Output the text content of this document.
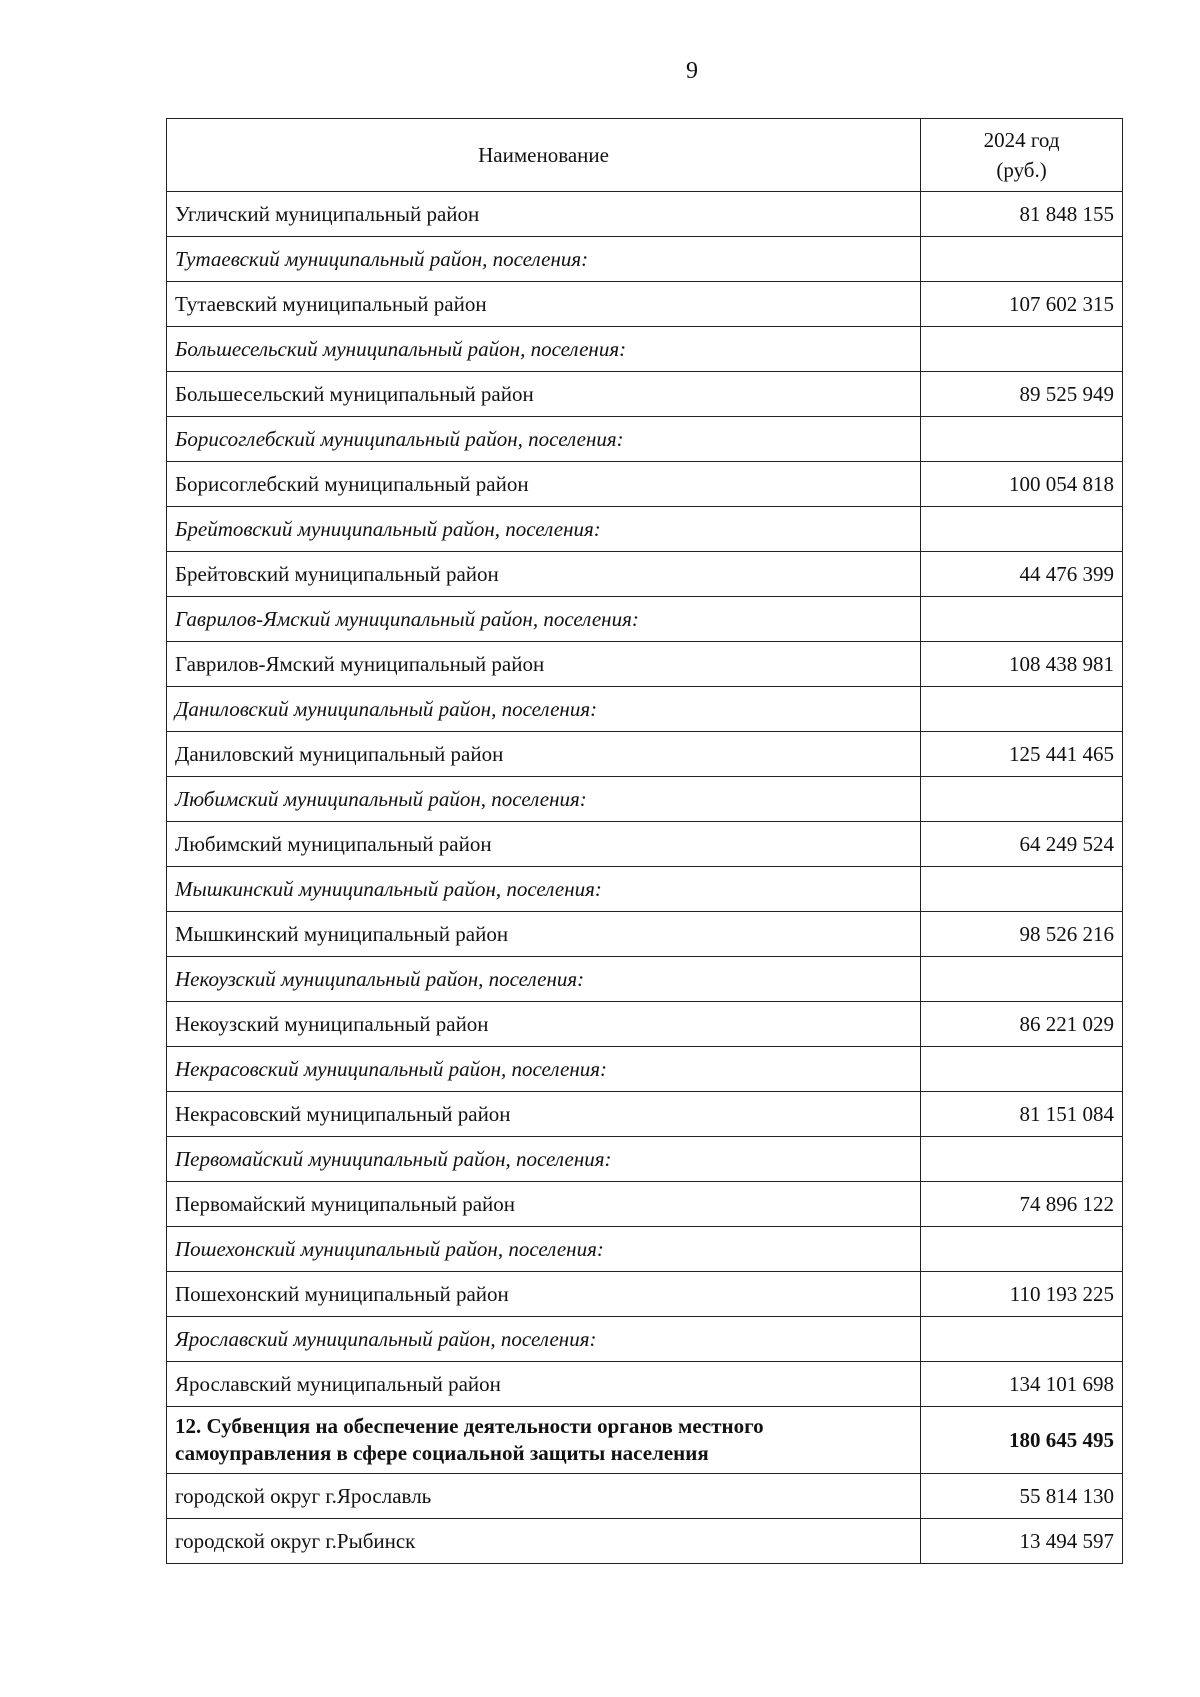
9
Наименование	2024 год
(руб.)
Угличский муниципальный район	81 848 155
Тутаевский муниципальный район, поселения:	
Тутаевский муниципальный район	107 602 315
Большесельский муниципальный район, поселения:	
Большесельский муниципальный район	89 525 949
Борисоглебский муниципальный район, поселения:	
Борисоглебский муниципальный район	100 054 818
Брейтовский муниципальный район, поселения:	
Брейтовский муниципальный район	44 476 399
Гаврилов-Ямский муниципальный район, поселения:	
Гаврилов-Ямский муниципальный район	108 438 981
Даниловский муниципальный район, поселения:	
Даниловский муниципальный район	125 441 465
Любимский муниципальный район, поселения:	
Любимский муниципальный район	64 249 524
Мышкинский муниципальный район, поселения:	
Мышкинский муниципальный район	98 526 216
Некоузский муниципальный район, поселения:	
Некоузский муниципальный район	86 221 029
Некрасовский муниципальный район, поселения:	
Некрасовский муниципальный район	81 151 084
Первомайский муниципальный район, поселения:	
Первомайский муниципальный район	74 896 122
Пошехонский муниципальный район, поселения:	
Пошехонский муниципальный район	110 193 225
Ярославский муниципальный район, поселения:	
Ярославский муниципальный район	134 101 698
12. Субвенция на обеспечение деятельности органов местного самоуправления в сфере социальной защиты населения	180 645 495
городской округ г.Ярославль	55 814 130
городской округ г.Рыбинск	13 494 597
